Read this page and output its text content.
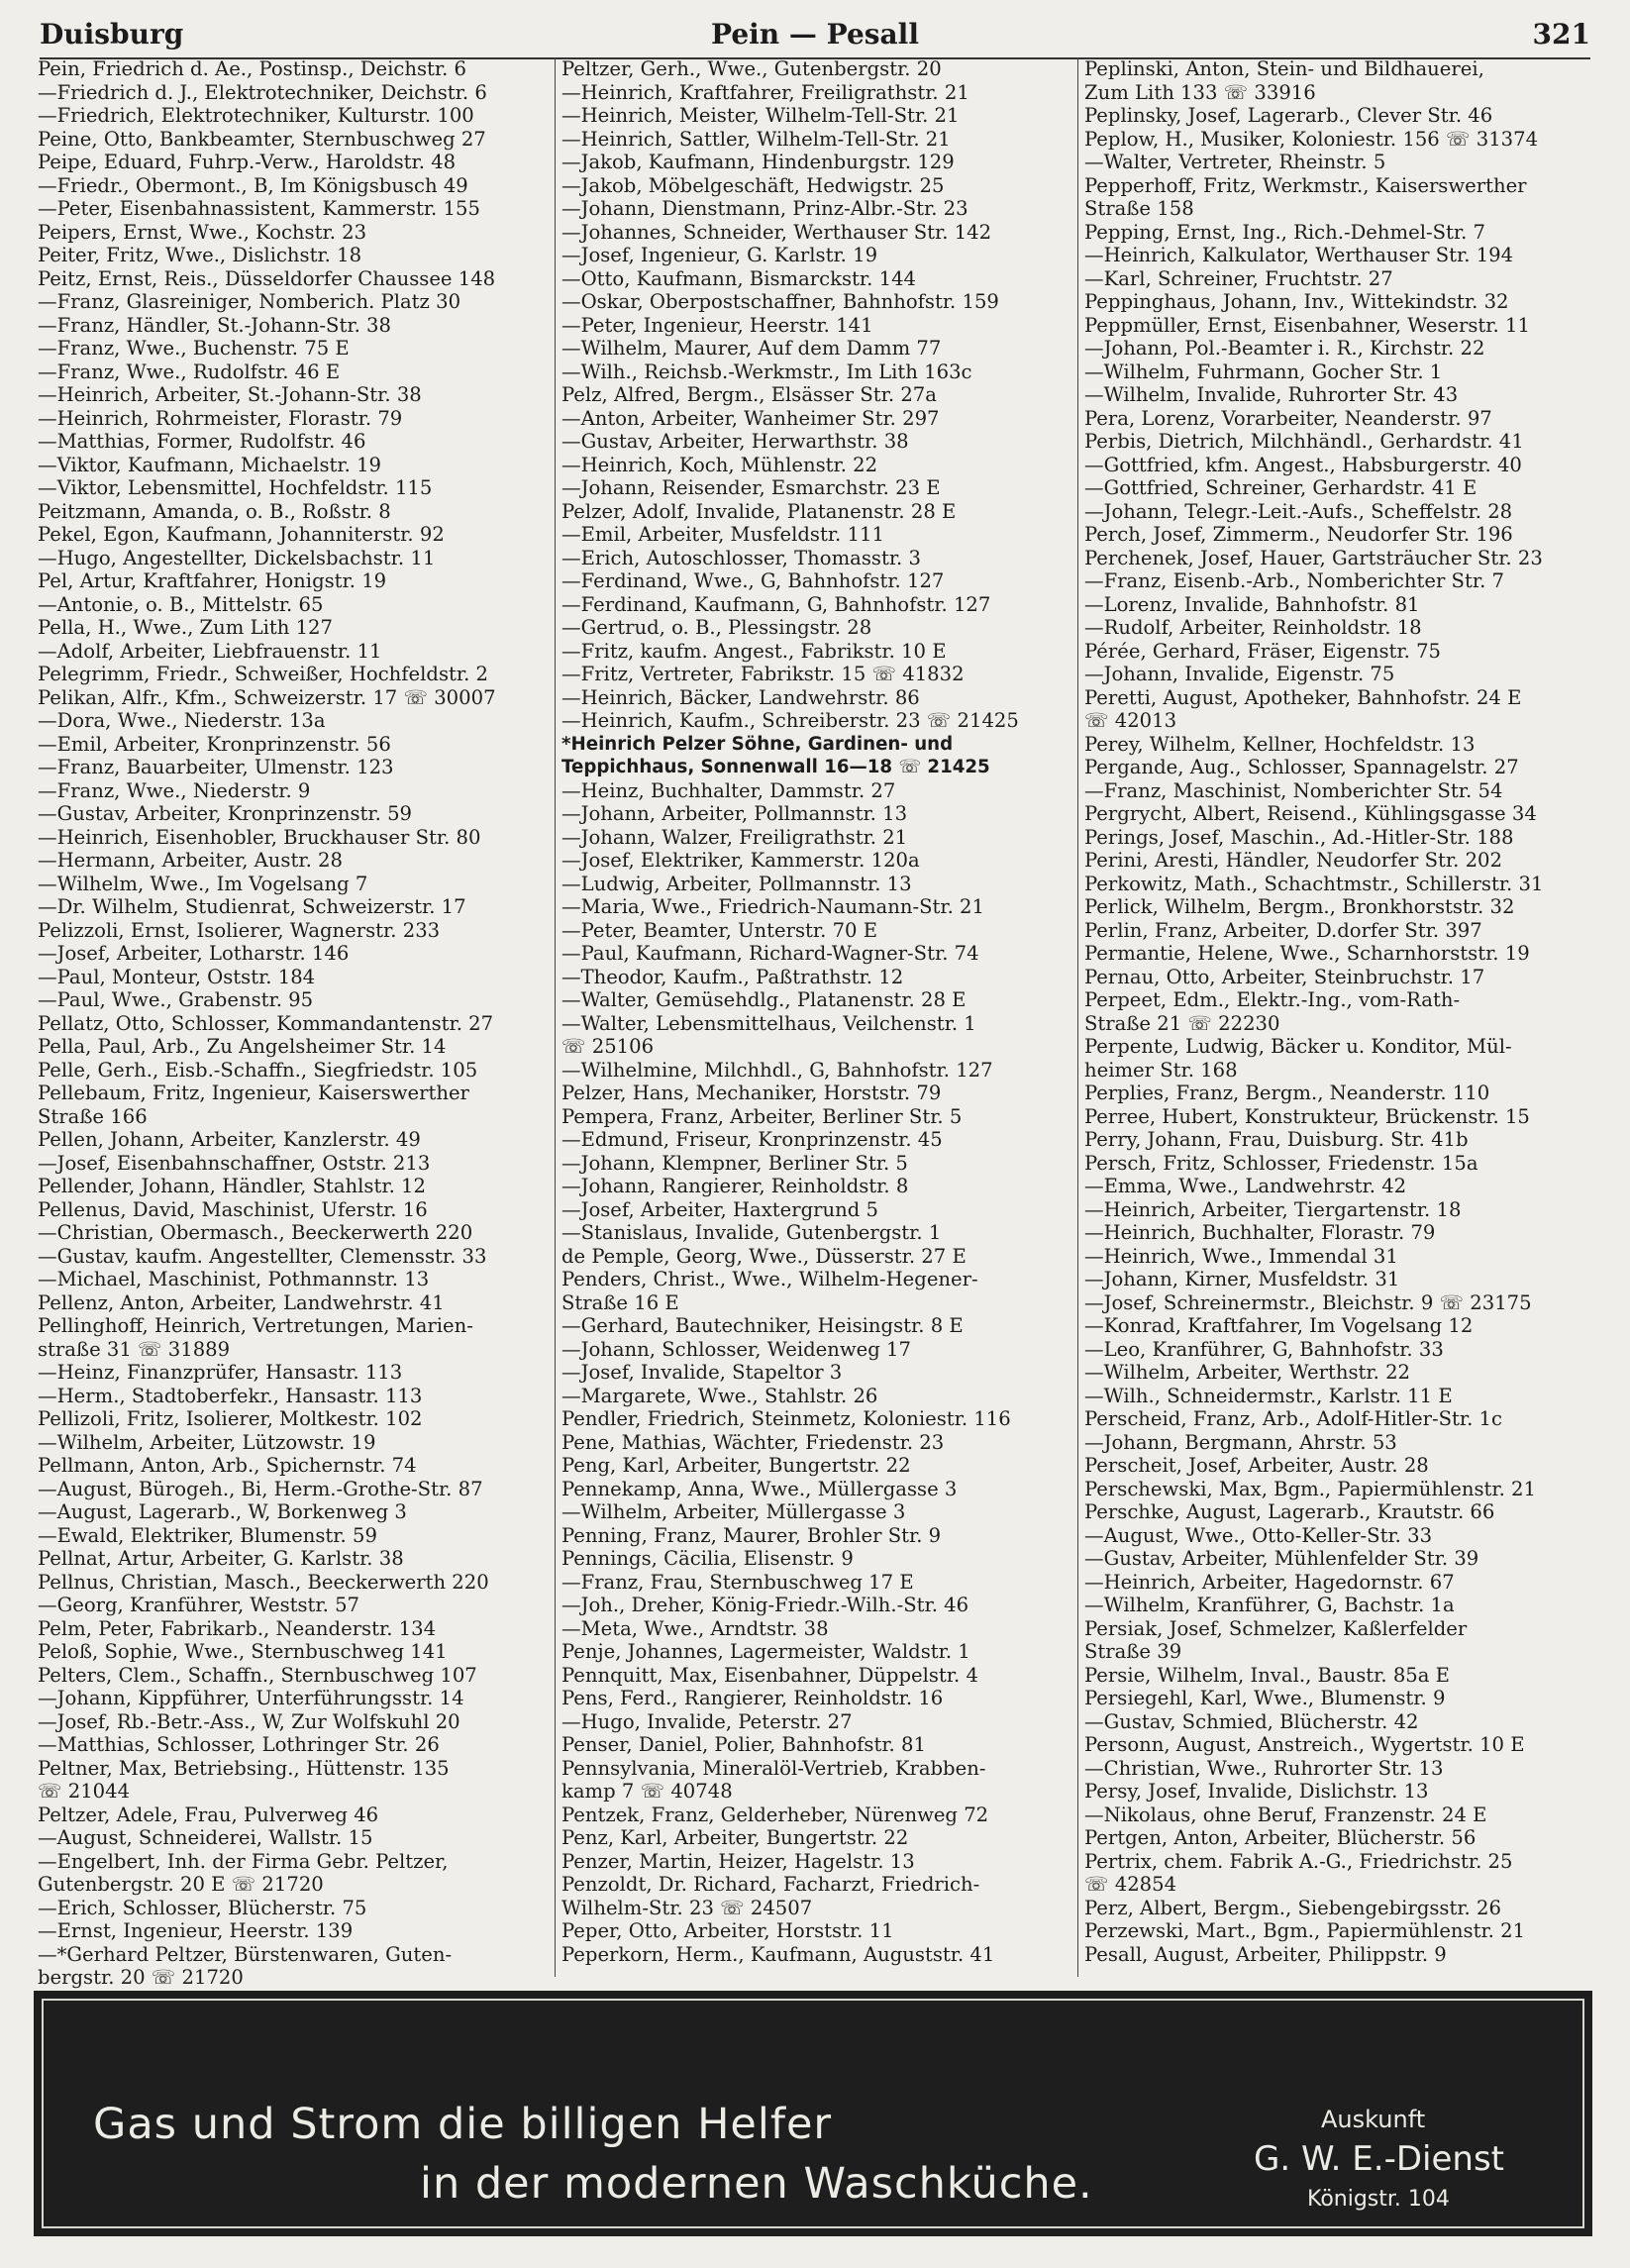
Duisburg	Pein — Pesall	321
Pein, Friedrich d. Ae., Postinsp., Deichstr. 6
—Friedrich d. J., Elektrotechniker, Deichstr. 6
—Friedrich, Elektrotechniker, Kulturstr. 100
Peine, Otto, Bankbeamter, Sternbuschweg 27
Peipe, Eduard, Fuhrp.-Verw., Haroldstr. 48
—Friedr., Obermont., B, Im Königsbusch 49
—Peter, Eisenbahnassistent, Kammerstr. 155
Peipers, Ernst, Wwe., Kochstr. 23
Peiter, Fritz, Wwe., Dislichstr. 18
Peitz, Ernst, Reis., Düsseldorfer Chaussee 148
—Franz, Glasreiniger, Nomberich. Platz 30
—Franz, Händler, St.-Johann-Str. 38
—Franz, Wwe., Buchenstr. 75 E
—Franz, Wwe., Rudolfstr. 46 E
—Heinrich, Arbeiter, St.-Johann-Str. 38
—Heinrich, Rohrmeister, Florastr. 79
—Matthias, Former, Rudolfstr. 46
—Viktor, Kaufmann, Michaelstr. 19
—Viktor, Lebensmittel, Hochfeldstr. 115
Peitzmann, Amanda, o. B., Roßstr. 8
Pekel, Egon, Kaufmann, Johanniterstr. 92
—Hugo, Angestellter, Dickelsbachstr. 11
Pel, Artur, Kraftfahrer, Honigstr. 19
—Antonie, o. B., Mittelstr. 65
Pella, H., Wwe., Zum Lith 127
—Adolf, Arbeiter, Liebfrauenstr. 11
Pelegrimm, Friedr., Schweißer, Hochfeldstr. 2
Pelikan, Alfr., Kfm., Schweizerstr. 17 ☏ 30007
—Dora, Wwe., Niederstr. 13a
—Emil, Arbeiter, Kronprinzenstr. 56
—Franz, Bauarbeiter, Ulmenstr. 123
—Franz, Wwe., Niederstr. 9
—Gustav, Arbeiter, Kronprinzenstr. 59
—Heinrich, Eisenhobler, Bruckhauser Str. 80
—Hermann, Arbeiter, Austr. 28
—Wilhelm, Wwe., Im Vogelsang 7
—Dr. Wilhelm, Studienrat, Schweizerstr. 17
Pelizzoli, Ernst, Isolierer, Wagnerstr. 233
—Josef, Arbeiter, Lotharstr. 146
—Paul, Monteur, Oststr. 184
—Paul, Wwe., Grabenstr. 95
Pellatz, Otto, Schlosser, Kommandantenstr. 27
Pella, Paul, Arb., Zu Angelsheimer Str. 14
Pelle, Gerh., Eisb.-Schaffn., Siegfriedstr. 105
Pellebaum, Fritz, Ingenieur, Kaiserswerther
Straße 166
Pellen, Johann, Arbeiter, Kanzlerstr. 49
—Josef, Eisenbahnschaffner, Oststr. 213
Pellender, Johann, Händler, Stahlstr. 12
Pellenus, David, Maschinist, Uferstr. 16
—Christian, Obermasch., Beeckerwerth 220
—Gustav, kaufm. Angestellter, Clemensstr. 33
—Michael, Maschinist, Pothmannstr. 13
Pellenz, Anton, Arbeiter, Landwehrstr. 41
Pellinghoff, Heinrich, Vertretungen, Marien-
straße 31 ☏ 31889
—Heinz, Finanzprüfer, Hansastr. 113
—Herm., Stadtoberfekr., Hansastr. 113
Pellizoli, Fritz, Isolierer, Moltkestr. 102
—Wilhelm, Arbeiter, Lützowstr. 19
Pellmann, Anton, Arb., Spichernstr. 74
—August, Bürogeh., Bi, Herm.-Grothe-Str. 87
—August, Lagerarb., W, Borkenweg 3
—Ewald, Elektriker, Blumenstr. 59
Pellnat, Artur, Arbeiter, G. Karlstr. 38
Pellnus, Christian, Masch., Beeckerwerth 220
—Georg, Kranführer, Weststr. 57
Pelm, Peter, Fabrikarb., Neanderstr. 134
Peloß, Sophie, Wwe., Sternbuschweg 141
Pelters, Clem., Schaffn., Sternbuschweg 107
—Johann, Kippführer, Unterführungsstr. 14
—Josef, Rb.-Betr.-Ass., W, Zur Wolfskuhl 20
—Matthias, Schlosser, Lothringer Str. 26
Peltner, Max, Betriebsing., Hüttenstr. 135
☏ 21044
Peltzer, Adele, Frau, Pulverweg 46
—August, Schneiderei, Wallstr. 15
—Engelbert, Inh. der Firma Gebr. Peltzer,
Gutenbergstr. 20 E ☏ 21720
—Erich, Schlosser, Blücherstr. 75
—Ernst, Ingenieur, Heerstr. 139
—*Gerhard Peltzer, Bürstenwaren, Guten-
bergstr. 20 ☏ 21720
Peltzer, Gerh., Wwe., Gutenbergstr. 20
—Heinrich, Kraftfahrer, Freiligrathstr. 21
—Heinrich, Meister, Wilhelm-Tell-Str. 21
—Heinrich, Sattler, Wilhelm-Tell-Str. 21
—Jakob, Kaufmann, Hindenburgstr. 129
—Jakob, Möbelgeschäft, Hedwigstr. 25
—Johann, Dienstmann, Prinz-Albr.-Str. 23
—Johannes, Schneider, Werthauser Str. 142
—Josef, Ingenieur, G. Karlstr. 19
—Otto, Kaufmann, Bismarckstr. 144
—Oskar, Oberpostschaffner, Bahnhofstr. 159
—Peter, Ingenieur, Heerstr. 141
—Wilhelm, Maurer, Auf dem Damm 77
—Wilh., Reichsb.-Werkmstr., Im Lith 163c
Pelz, Alfred, Bergm., Elsässer Str. 27a
—Anton, Arbeiter, Wanheimer Str. 297
—Gustav, Arbeiter, Herwarthstr. 38
—Heinrich, Koch, Mühlenstr. 22
—Johann, Reisender, Esmarchstr. 23 E
Pelzer, Adolf, Invalide, Platanenstr. 28 E
—Emil, Arbeiter, Musfeldstr. 111
—Erich, Autoschlosser, Thomasstr. 3
—Ferdinand, Wwe., G, Bahnhofstr. 127
—Ferdinand, Kaufmann, G, Bahnhofstr. 127
—Gertrud, o. B., Plessingstr. 28
—Fritz, kaufm. Angest., Fabrikstr. 10 E
—Fritz, Vertreter, Fabrikstr. 15 ☏ 41832
—Heinrich, Bäcker, Landwehrstr. 86
—Heinrich, Kaufm., Schreiberstr. 23 ☏ 21425
*Heinrich Pelzer Söhne, Gardinen- und
Teppichhaus, Sonnenwall 16—18 ☏ 21425
—Heinz, Buchhalter, Dammstr. 27
—Johann, Arbeiter, Pollmannstr. 13
—Johann, Walzer, Freiligrathstr. 21
—Josef, Elektriker, Kammerstr. 120a
—Ludwig, Arbeiter, Pollmannstr. 13
—Maria, Wwe., Friedrich-Naumann-Str. 21
—Peter, Beamter, Unterstr. 70 E
—Paul, Kaufmann, Richard-Wagner-Str. 74
—Theodor, Kaufm., Paßtrathstr. 12
—Walter, Gemüsehdlg., Platanenstr. 28 E
—Walter, Lebensmittelhaus, Veilchenstr. 1
☏ 25106
—Wilhelmine, Milchhdl., G, Bahnhofstr. 127
Pelzer, Hans, Mechaniker, Horststr. 79
Pempera, Franz, Arbeiter, Berliner Str. 5
—Edmund, Friseur, Kronprinzenstr. 45
—Johann, Klempner, Berliner Str. 5
—Johann, Rangierer, Reinholdstr. 8
—Josef, Arbeiter, Haxtergrund 5
—Stanislaus, Invalide, Gutenbergstr. 1
de Pemple, Georg, Wwe., Düsserstr. 27 E
Penders, Christ., Wwe., Wilhelm-Hegener-
Straße 16 E
—Gerhard, Bautechniker, Heisingstr. 8 E
—Johann, Schlosser, Weidenweg 17
—Josef, Invalide, Stapeltor 3
—Margarete, Wwe., Stahlstr. 26
Pendler, Friedrich, Steinmetz, Koloniestr. 116
Pene, Mathias, Wächter, Friedenstr. 23
Peng, Karl, Arbeiter, Bungertstr. 22
Pennekamp, Anna, Wwe., Müllergasse 3
—Wilhelm, Arbeiter, Müllergasse 3
Penning, Franz, Maurer, Brohler Str. 9
Pennings, Cäcilia, Elisenstr. 9
—Franz, Frau, Sternbuschweg 17 E
—Joh., Dreher, König-Friedr.-Wilh.-Str. 46
—Meta, Wwe., Arndtstr. 38
Penje, Johannes, Lagermeister, Waldstr. 1
Pennquitt, Max, Eisenbahner, Düppelstr. 4
Pens, Ferd., Rangierer, Reinholdstr. 16
—Hugo, Invalide, Peterstr. 27
Penser, Daniel, Polier, Bahnhofstr. 81
Pennsylvania, Mineralöl-Vertrieb, Krabben-
kamp 7 ☏ 40748
Pentzek, Franz, Gelderheber, Nürenweg 72
Penz, Karl, Arbeiter, Bungertstr. 22
Penzer, Martin, Heizer, Hagelstr. 13
Penzoldt, Dr. Richard, Facharzt, Friedrich-
Wilhelm-Str. 23 ☏ 24507
Peper, Otto, Arbeiter, Horststr. 11
Peperkorn, Herm., Kaufmann, Auguststr. 41
Peplinski, Anton, Stein- und Bildhauerei,
Zum Lith 133 ☏ 33916
Peplinsky, Josef, Lagerarb., Clever Str. 46
Peplow, H., Musiker, Koloniestr. 156 ☏ 31374
—Walter, Vertreter, Rheinstr. 5
Pepperhoff, Fritz, Werkmstr., Kaiserswerther
Straße 158
Pepping, Ernst, Ing., Rich.-Dehmel-Str. 7
—Heinrich, Kalkulator, Werthauser Str. 194
—Karl, Schreiner, Fruchtstr. 27
Peppinghaus, Johann, Inv., Wittekindstr. 32
Peppmüller, Ernst, Eisenbahner, Weserstr. 11
—Johann, Pol.-Beamter i. R., Kirchstr. 22
—Wilhelm, Fuhrmann, Gocher Str. 1
—Wilhelm, Invalide, Ruhrorter Str. 43
Pera, Lorenz, Vorarbeiter, Neanderstr. 97
Perbis, Dietrich, Milchhändl., Gerhardstr. 41
—Gottfried, kfm. Angest., Habsburgerstr. 40
—Gottfried, Schreiner, Gerhardstr. 41 E
—Johann, Telegr.-Leit.-Aufs., Scheffelstr. 28
Perch, Josef, Zimmerm., Neudorfer Str. 196
Perchenek, Josef, Hauer, Gartsträucher Str. 23
—Franz, Eisenb.-Arb., Nomberichter Str. 7
—Lorenz, Invalide, Bahnhofstr. 81
—Rudolf, Arbeiter, Reinholdstr. 18
Pérée, Gerhard, Fräser, Eigenstr. 75
—Johann, Invalide, Eigenstr. 75
Peretti, August, Apotheker, Bahnhofstr. 24 E
☏ 42013
Perey, Wilhelm, Kellner, Hochfeldstr. 13
Pergande, Aug., Schlosser, Spannagelstr. 27
—Franz, Maschinist, Nomberichter Str. 54
Pergrycht, Albert, Reisend., Kühlingsgasse 34
Perings, Josef, Maschin., Ad.-Hitler-Str. 188
Perini, Aresti, Händler, Neudorfer Str. 202
Perkowitz, Math., Schachtmstr., Schillerstr. 31
Perlick, Wilhelm, Bergm., Bronkhorststr. 32
Perlin, Franz, Arbeiter, D.dorfer Str. 397
Permantie, Helene, Wwe., Scharnhorststr. 19
Pernau, Otto, Arbeiter, Steinbruchstr. 17
Perpeet, Edm., Elektr.-Ing., vom-Rath-
Straße 21 ☏ 22230
Perpente, Ludwig, Bäcker u. Konditor, Mül-
heimer Str. 168
Perplies, Franz, Bergm., Neanderstr. 110
Perree, Hubert, Konstrukteur, Brückenstr. 15
Perry, Johann, Frau, Duisburg. Str. 41b
Persch, Fritz, Schlosser, Friedenstr. 15a
—Emma, Wwe., Landwehrstr. 42
—Heinrich, Arbeiter, Tiergartenstr. 18
—Heinrich, Buchhalter, Florastr. 79
—Heinrich, Wwe., Immendal 31
—Johann, Kirner, Musfeldstr. 31
—Josef, Schreinermstr., Bleichstr. 9 ☏ 23175
—Konrad, Kraftfahrer, Im Vogelsang 12
—Leo, Kranführer, G, Bahnhofstr. 33
—Wilhelm, Arbeiter, Werthstr. 22
—Wilh., Schneidermstr., Karlstr. 11 E
Perscheid, Franz, Arb., Adolf-Hitler-Str. 1c
—Johann, Bergmann, Ahrstr. 53
Perscheit, Josef, Arbeiter, Austr. 28
Perschewski, Max, Bgm., Papiermühlenstr. 21
Perschke, August, Lagerarb., Krautstr. 66
—August, Wwe., Otto-Keller-Str. 33
—Gustav, Arbeiter, Mühlenfelder Str. 39
—Heinrich, Arbeiter, Hagedornstr. 67
—Wilhelm, Kranführer, G, Bachstr. 1a
Persiak, Josef, Schmelzer, Kaßlerfelder
Straße 39
Persie, Wilhelm, Inval., Baustr. 85a E
Persiegehl, Karl, Wwe., Blumenstr. 9
—Gustav, Schmied, Blücherstr. 42
Personn, August, Anstreich., Wygertstr. 10 E
—Christian, Wwe., Ruhrorter Str. 13
Persy, Josef, Invalide, Dislichstr. 13
—Nikolaus, ohne Beruf, Franzenstr. 24 E
Pertgen, Anton, Arbeiter, Blücherstr. 56
Pertrix, chem. Fabrik A.-G., Friedrichstr. 25
☏ 42854
Perz, Albert, Bergm., Siebengebirgsstr. 26
Perzewski, Mart., Bgm., Papiermühlenstr. 21
Pesall, August, Arbeiter, Philippstr. 9
Gas und Strom die billigen Helfer
in der modernen Waschküche.
Auskunft
G. W. E.-Dienst
Königstr. 104
